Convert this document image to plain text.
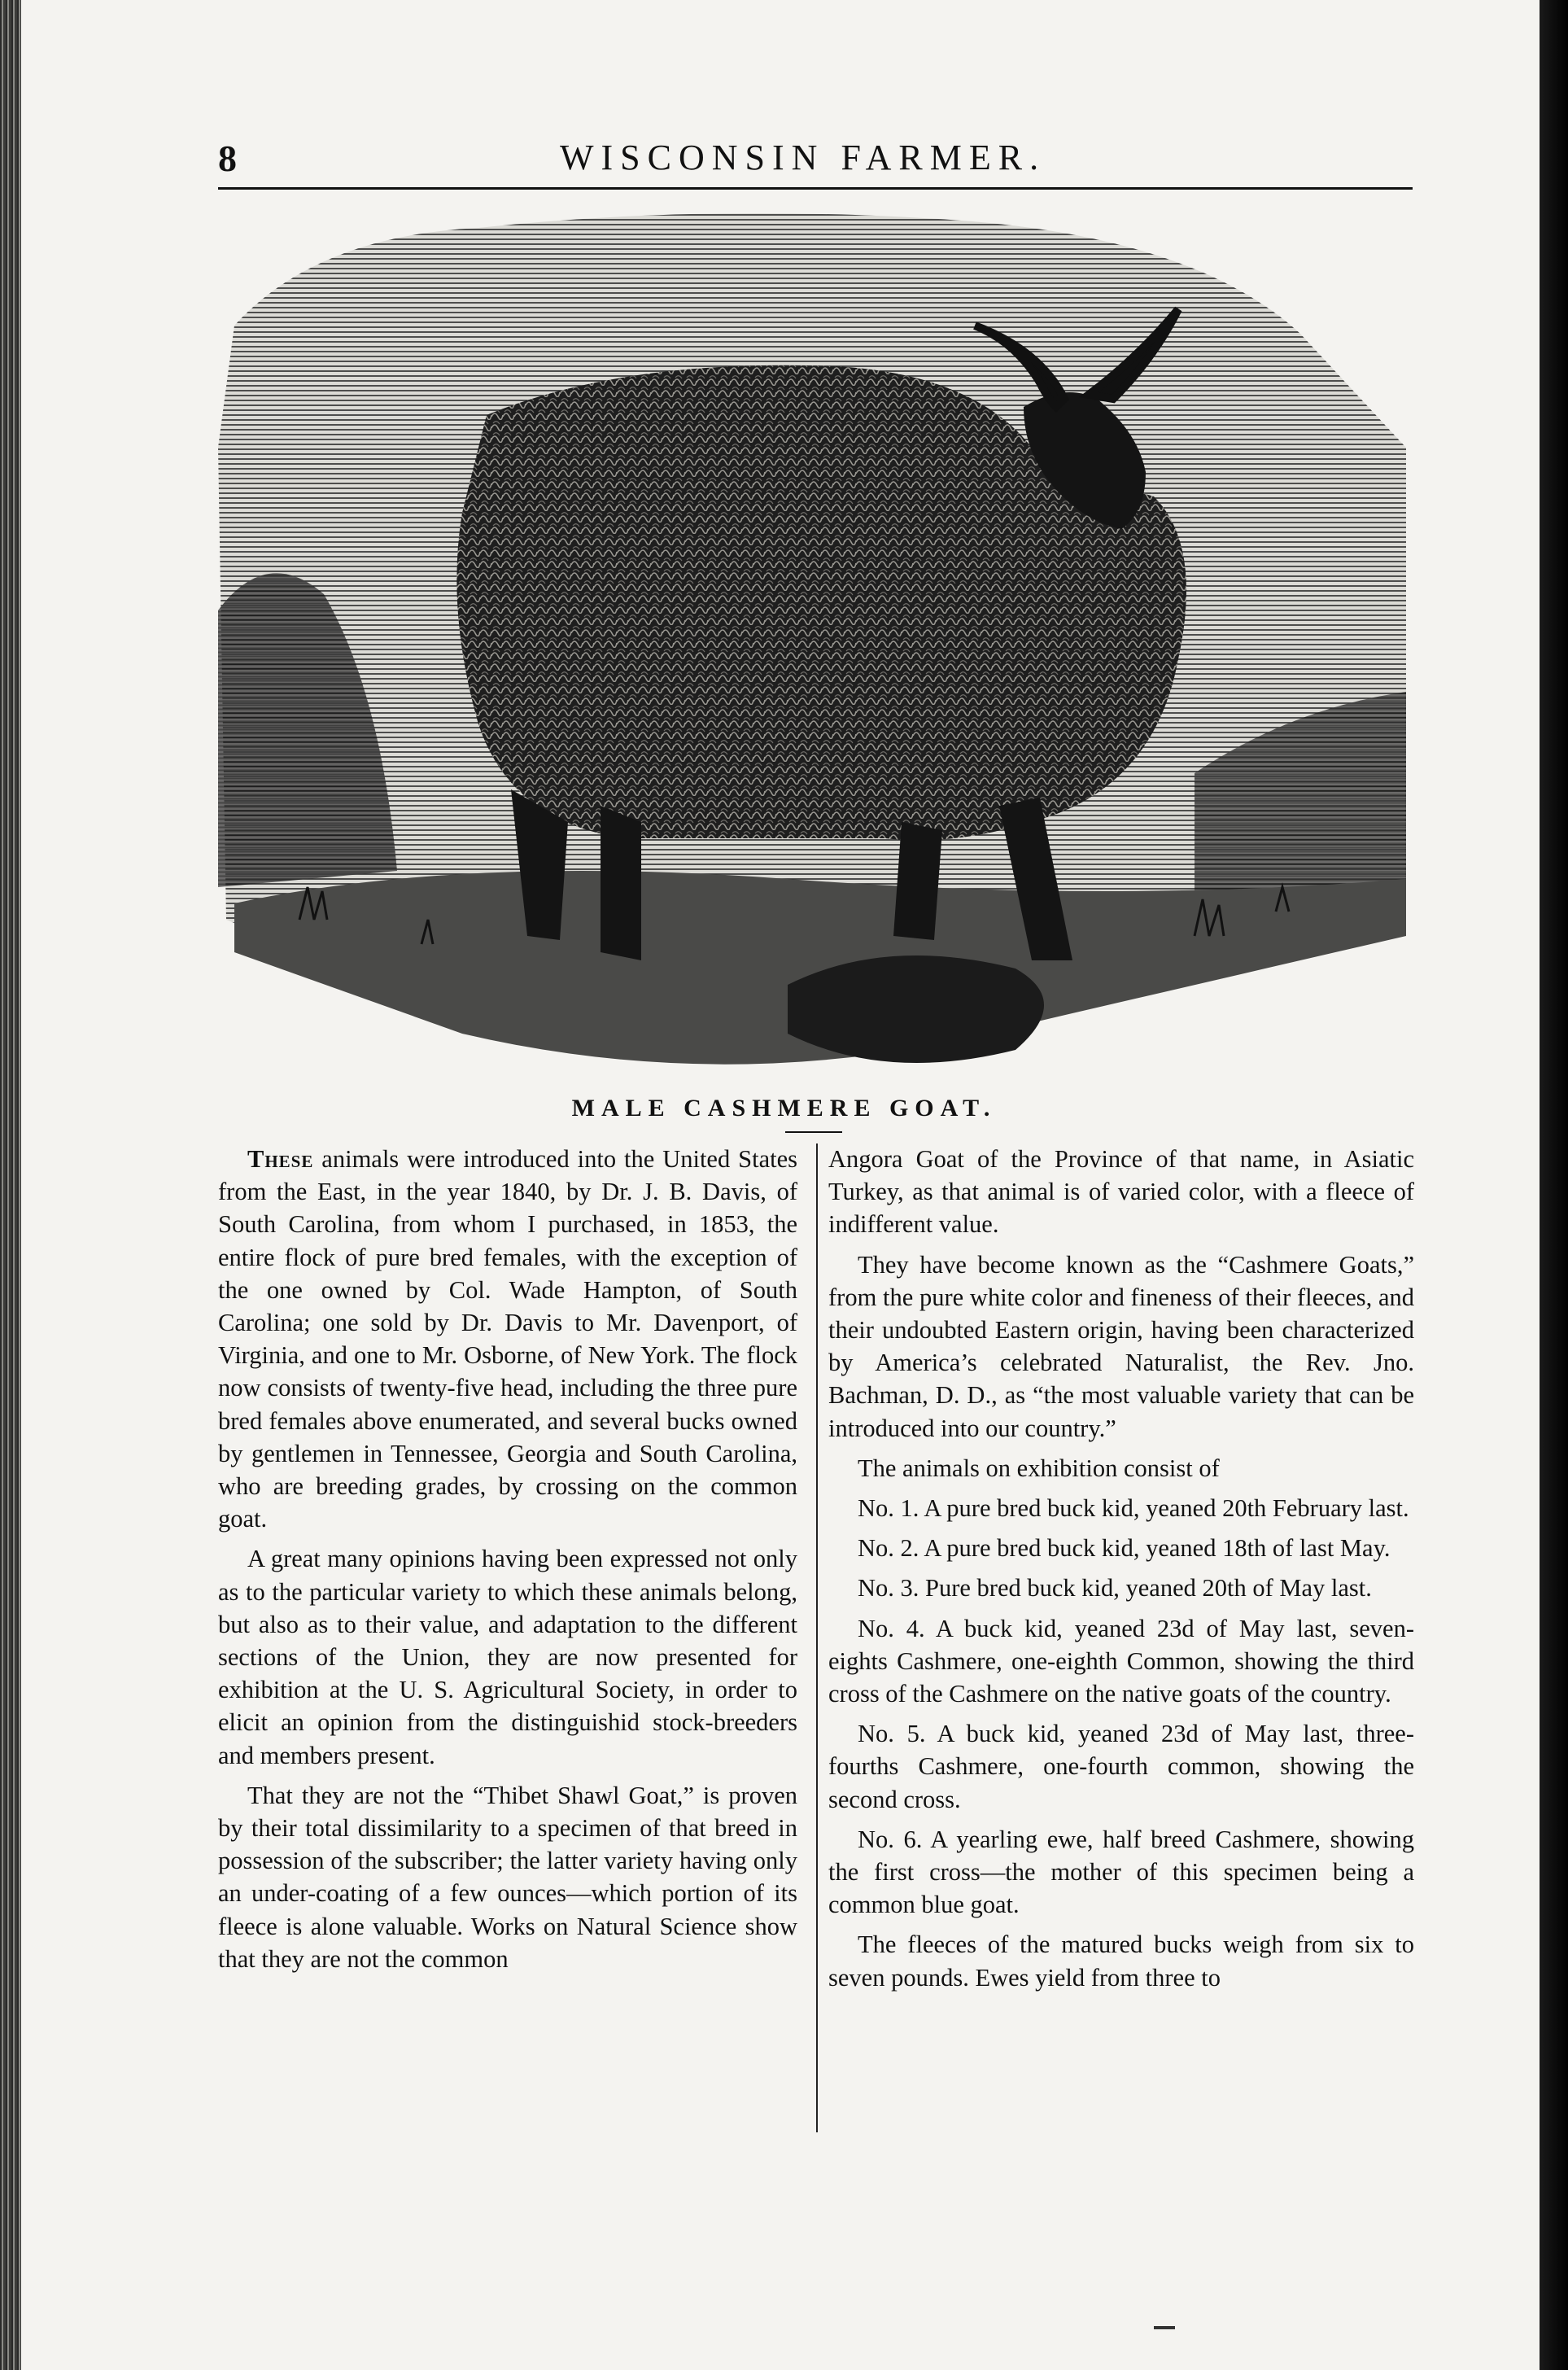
8	WISCONSIN FARMER.
MALE CASHMERE GOAT.

These animals were introduced into the United States from the East, in the year 1840, by Dr. J. B. Davis, of South Carolina, from whom I purchased, in 1853, the entire flock of pure bred females, with the exception of the one owned by Col. Wade Hampton, of South Carolina; one sold by Dr. Davis to Mr. Davenport, of Virginia, and one to Mr. Osborne, of New York. The flock now consists of twenty-five head, including the three pure bred females above enumerated, and several bucks owned by gentlemen in Tennessee, Georgia and South Carolina, who are breeding grades, by crossing on the common goat.

A great many opinions having been expressed not only as to the particular variety to which these animals belong, but also as to their value, and adaptation to the different sections of the Union, they are now presented for exhibition at the U. S. Agricultural Society, in order to elicit an opinion from the distinguishid stock-breeders and members present.

That they are not the “Thibet Shawl Goat,” is proven by their total dissimilarity to a specimen of that breed in possession of the subscriber; the latter variety having only an under-coating of a few ounces—which portion of its fleece is alone valuable. Works on Natural Science show that they are not the common

Angora Goat of the Province of that name, in Asiatic Turkey, as that animal is of varied color, with a fleece of indifferent value.

They have become known as the “Cashmere Goats,” from the pure white color and fineness of their fleeces, and their undoubted Eastern origin, having been characterized by America’s celebrated Naturalist, the Rev. Jno. Bachman, D. D., as “the most valuable variety that can be introduced into our country.”

The animals on exhibition consist of

No. 1. A pure bred buck kid, yeaned 20th February last.

No. 2. A pure bred buck kid, yeaned 18th of last May.

No. 3. Pure bred buck kid, yeaned 20th of May last.

No. 4. A buck kid, yeaned 23d of May last, seven-eights Cashmere, one-eighth Common, showing the third cross of the Cashmere on the native goats of the country.

No. 5. A buck kid, yeaned 23d of May last, three-fourths Cashmere, one-fourth common, showing the second cross.

No. 6. A yearling ewe, half breed Cashmere, showing the first cross—the mother of this specimen being a common blue goat.

The fleeces of the matured bucks weigh from six to seven pounds. Ewes yield from three to
